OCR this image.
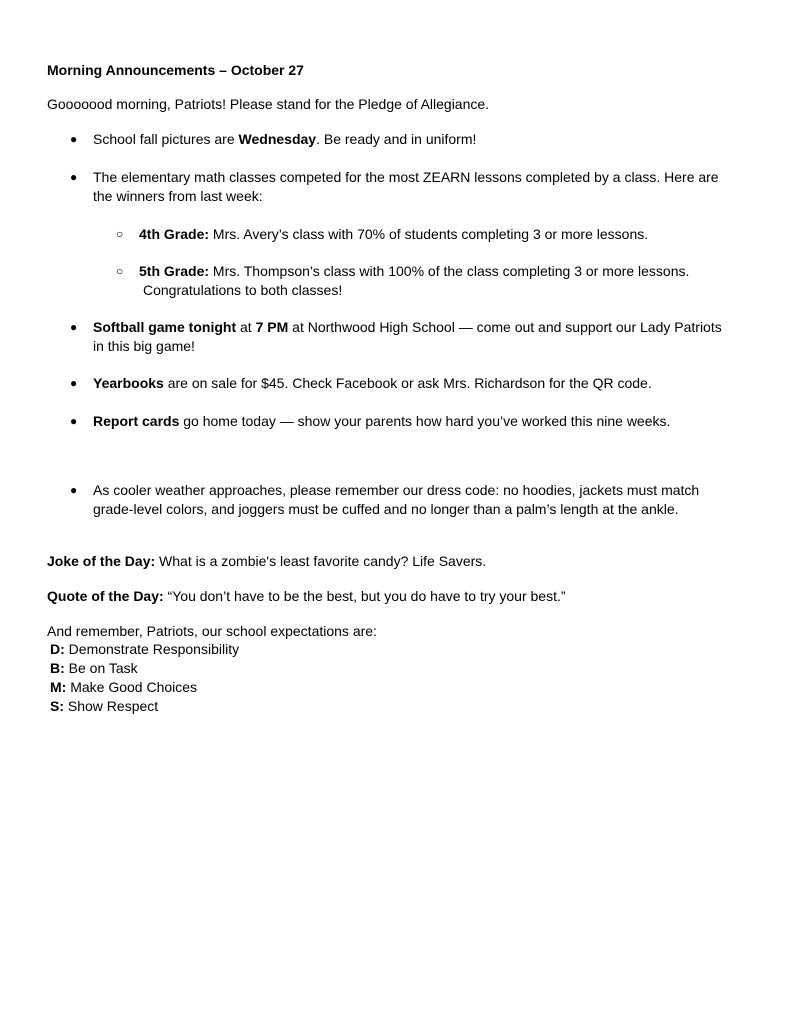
Morning Announcements – October 27
Gooooood morning, Patriots! Please stand for the Pledge of Allegiance.
● School fall pictures are Wednesday. Be ready and in uniform!
● The elementary math classes competed for the most ZEARN lessons completed by a class. Here are
the winners from last week:
○ 4th Grade: Mrs. Avery’s class with 70% of students completing 3 or more lessons.
○ 5th Grade: Mrs. Thompson’s class with 100% of the class completing 3 or more lessons.
Congratulations to both classes!
● Softball game tonight at 7 PM at Northwood High School — come out and support our Lady Patriots
in this big game!
● Yearbooks are on sale for $45. Check Facebook or ask Mrs. Richardson for the QR code.
● Report cards go home today — show your parents how hard you’ve worked this nine weeks.
● As cooler weather approaches, please remember our dress code: no hoodies, jackets must match
grade-level colors, and joggers must be cuffed and no longer than a palm’s length at the ankle.
Joke of the Day: What is a zombie's least favorite candy? Life Savers.
Quote of the Day: “You don’t have to be the best, but you do have to try your best.”
And remember, Patriots, our school expectations are:
D: Demonstrate Responsibility
B: Be on Task
M: Make Good Choices
S: Show Respect
